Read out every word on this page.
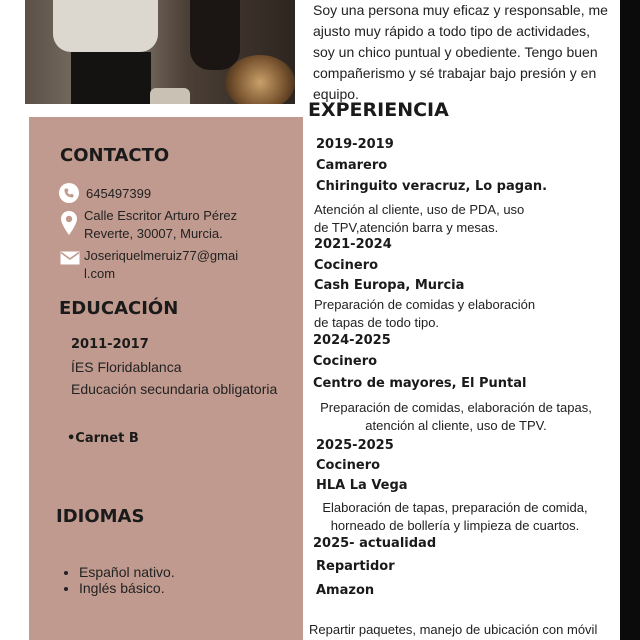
Soy una persona muy eficaz y responsable, me ajusto muy rápido a todo tipo de actividades, soy un chico puntual y obediente. Tengo buen compañerismo y sé trabajar bajo presión y en equipo.

EXPERIENCIA
2019-2019
Camarero
Chiringuito veracruz, Lo pagan.
Atención al cliente, uso de PDA, uso de TPV,atención barra y mesas.
2021-2024
Cocinero
Cash Europa, Murcia
Preparación de comidas y elaboración de tapas de todo tipo.
2024-2025
Cocinero
Centro de mayores, El Puntal
Preparación de comidas, elaboración de tapas, atención al cliente, uso de TPV.
2025-2025
Cocinero
HLA La Vega
Elaboración de tapas, preparación de comida, horneado de bollería y limpieza de cuartos.
2025- actualidad
Repartidor
Amazon
Repartir paquetes, manejo de ubicación con móvil
CONTACTO
645497399
Calle Escritor Arturo Pérez Reverte, 30007, Murcia.
Joseriquelmeruiz77@gmail.com
EDUCACIÓN
2011-2017
ÍES Floridablanca
Educación secundaria obligatoria
•Carnet B
IDIOMAS
• Español nativo.
• Inglés básico.
